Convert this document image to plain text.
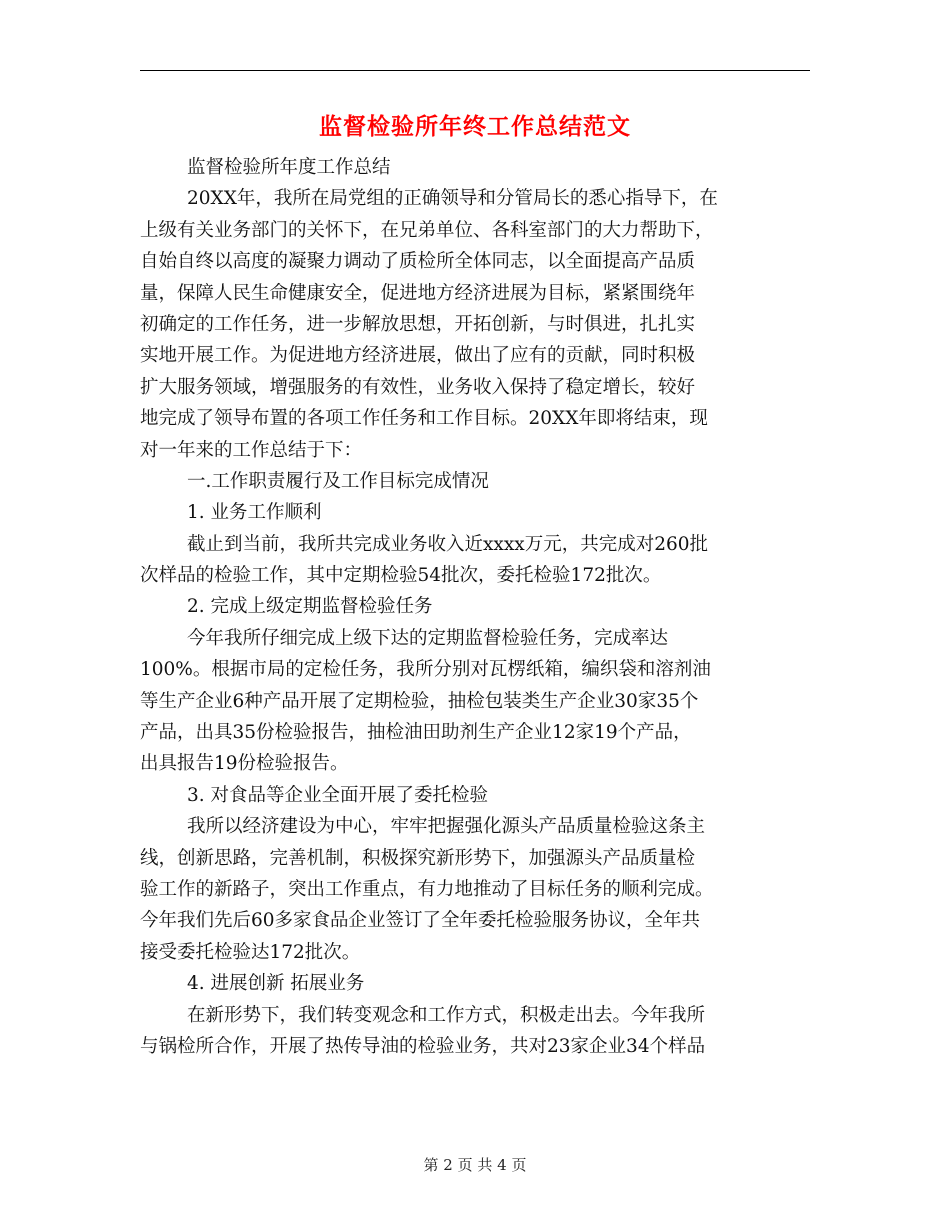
监督检验所年终工作总结范文
监督检验所年度工作总结
20XX年，我所在局党组的正确领导和分管局长的悉心指导下，在
上级有关业务部门的关怀下，在兄弟单位、各科室部门的大力帮助下，
自始自终以高度的凝聚力调动了质检所全体同志，以全面提高产品质
量，保障人民生命健康安全，促进地方经济进展为目标，紧紧围绕年
初确定的工作任务，进一步解放思想，开拓创新，与时俱进，扎扎实
实地开展工作。为促进地方经济进展，做出了应有的贡献，同时积极
扩大服务领域，增强服务的有效性，业务收入保持了稳定增长，较好
地完成了领导布置的各项工作任务和工作目标。20XX年即将结束，现
对一年来的工作总结于下：
一.工作职责履行及工作目标完成情况
1. 业务工作顺利
截止到当前，我所共完成业务收入近xxxx万元，共完成对260批
次样品的检验工作，其中定期检验54批次，委托检验172批次。
2. 完成上级定期监督检验任务
今年我所仔细完成上级下达的定期监督检验任务，完成率达
100%。根据市局的定检任务，我所分别对瓦楞纸箱，编织袋和溶剂油
等生产企业6种产品开展了定期检验，抽检包装类生产企业30家35个
产品，出具35份检验报告，抽检油田助剂生产企业12家19个产品，
出具报告19份检验报告。
3. 对食品等企业全面开展了委托检验
我所以经济建设为中心，牢牢把握强化源头产品质量检验这条主
线，创新思路，完善机制，积极探究新形势下，加强源头产品质量检
验工作的新路子，突出工作重点，有力地推动了目标任务的顺利完成。
今年我们先后60多家食品企业签订了全年委托检验服务协议，全年共
接受委托检验达172批次。
4. 进展创新 拓展业务
在新形势下，我们转变观念和工作方式，积极走出去。今年我所
与锅检所合作，开展了热传导油的检验业务，共对23家企业34个样品
第 2 页 共 4 页
